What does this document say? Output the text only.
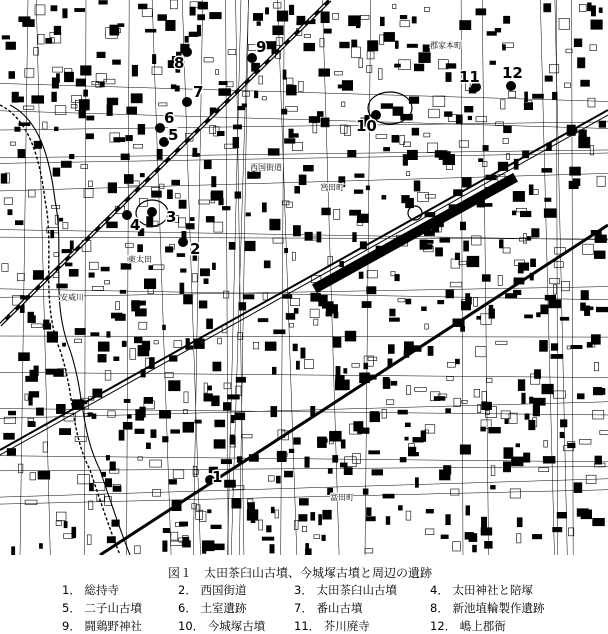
1
2
3
4
5
6
7
8
9
10
11 12
東太田
安威川
富田町
郡家本町
宮田町
西国街道
図１　太田茶臼山古墳、今城塚古墳と周辺の遺跡
1． 総持寺	2． 西国街道	3． 太田茶臼山古墳	4． 太田神社と陪塚
5． 二子山古墳	6． 土室遺跡	7． 番山古墳	8． 新池埴輪製作遺跡
9． 闘鶏野神社	10． 今城塚古墳 11． 芥川廃寺	12． 嶋上郡衙
